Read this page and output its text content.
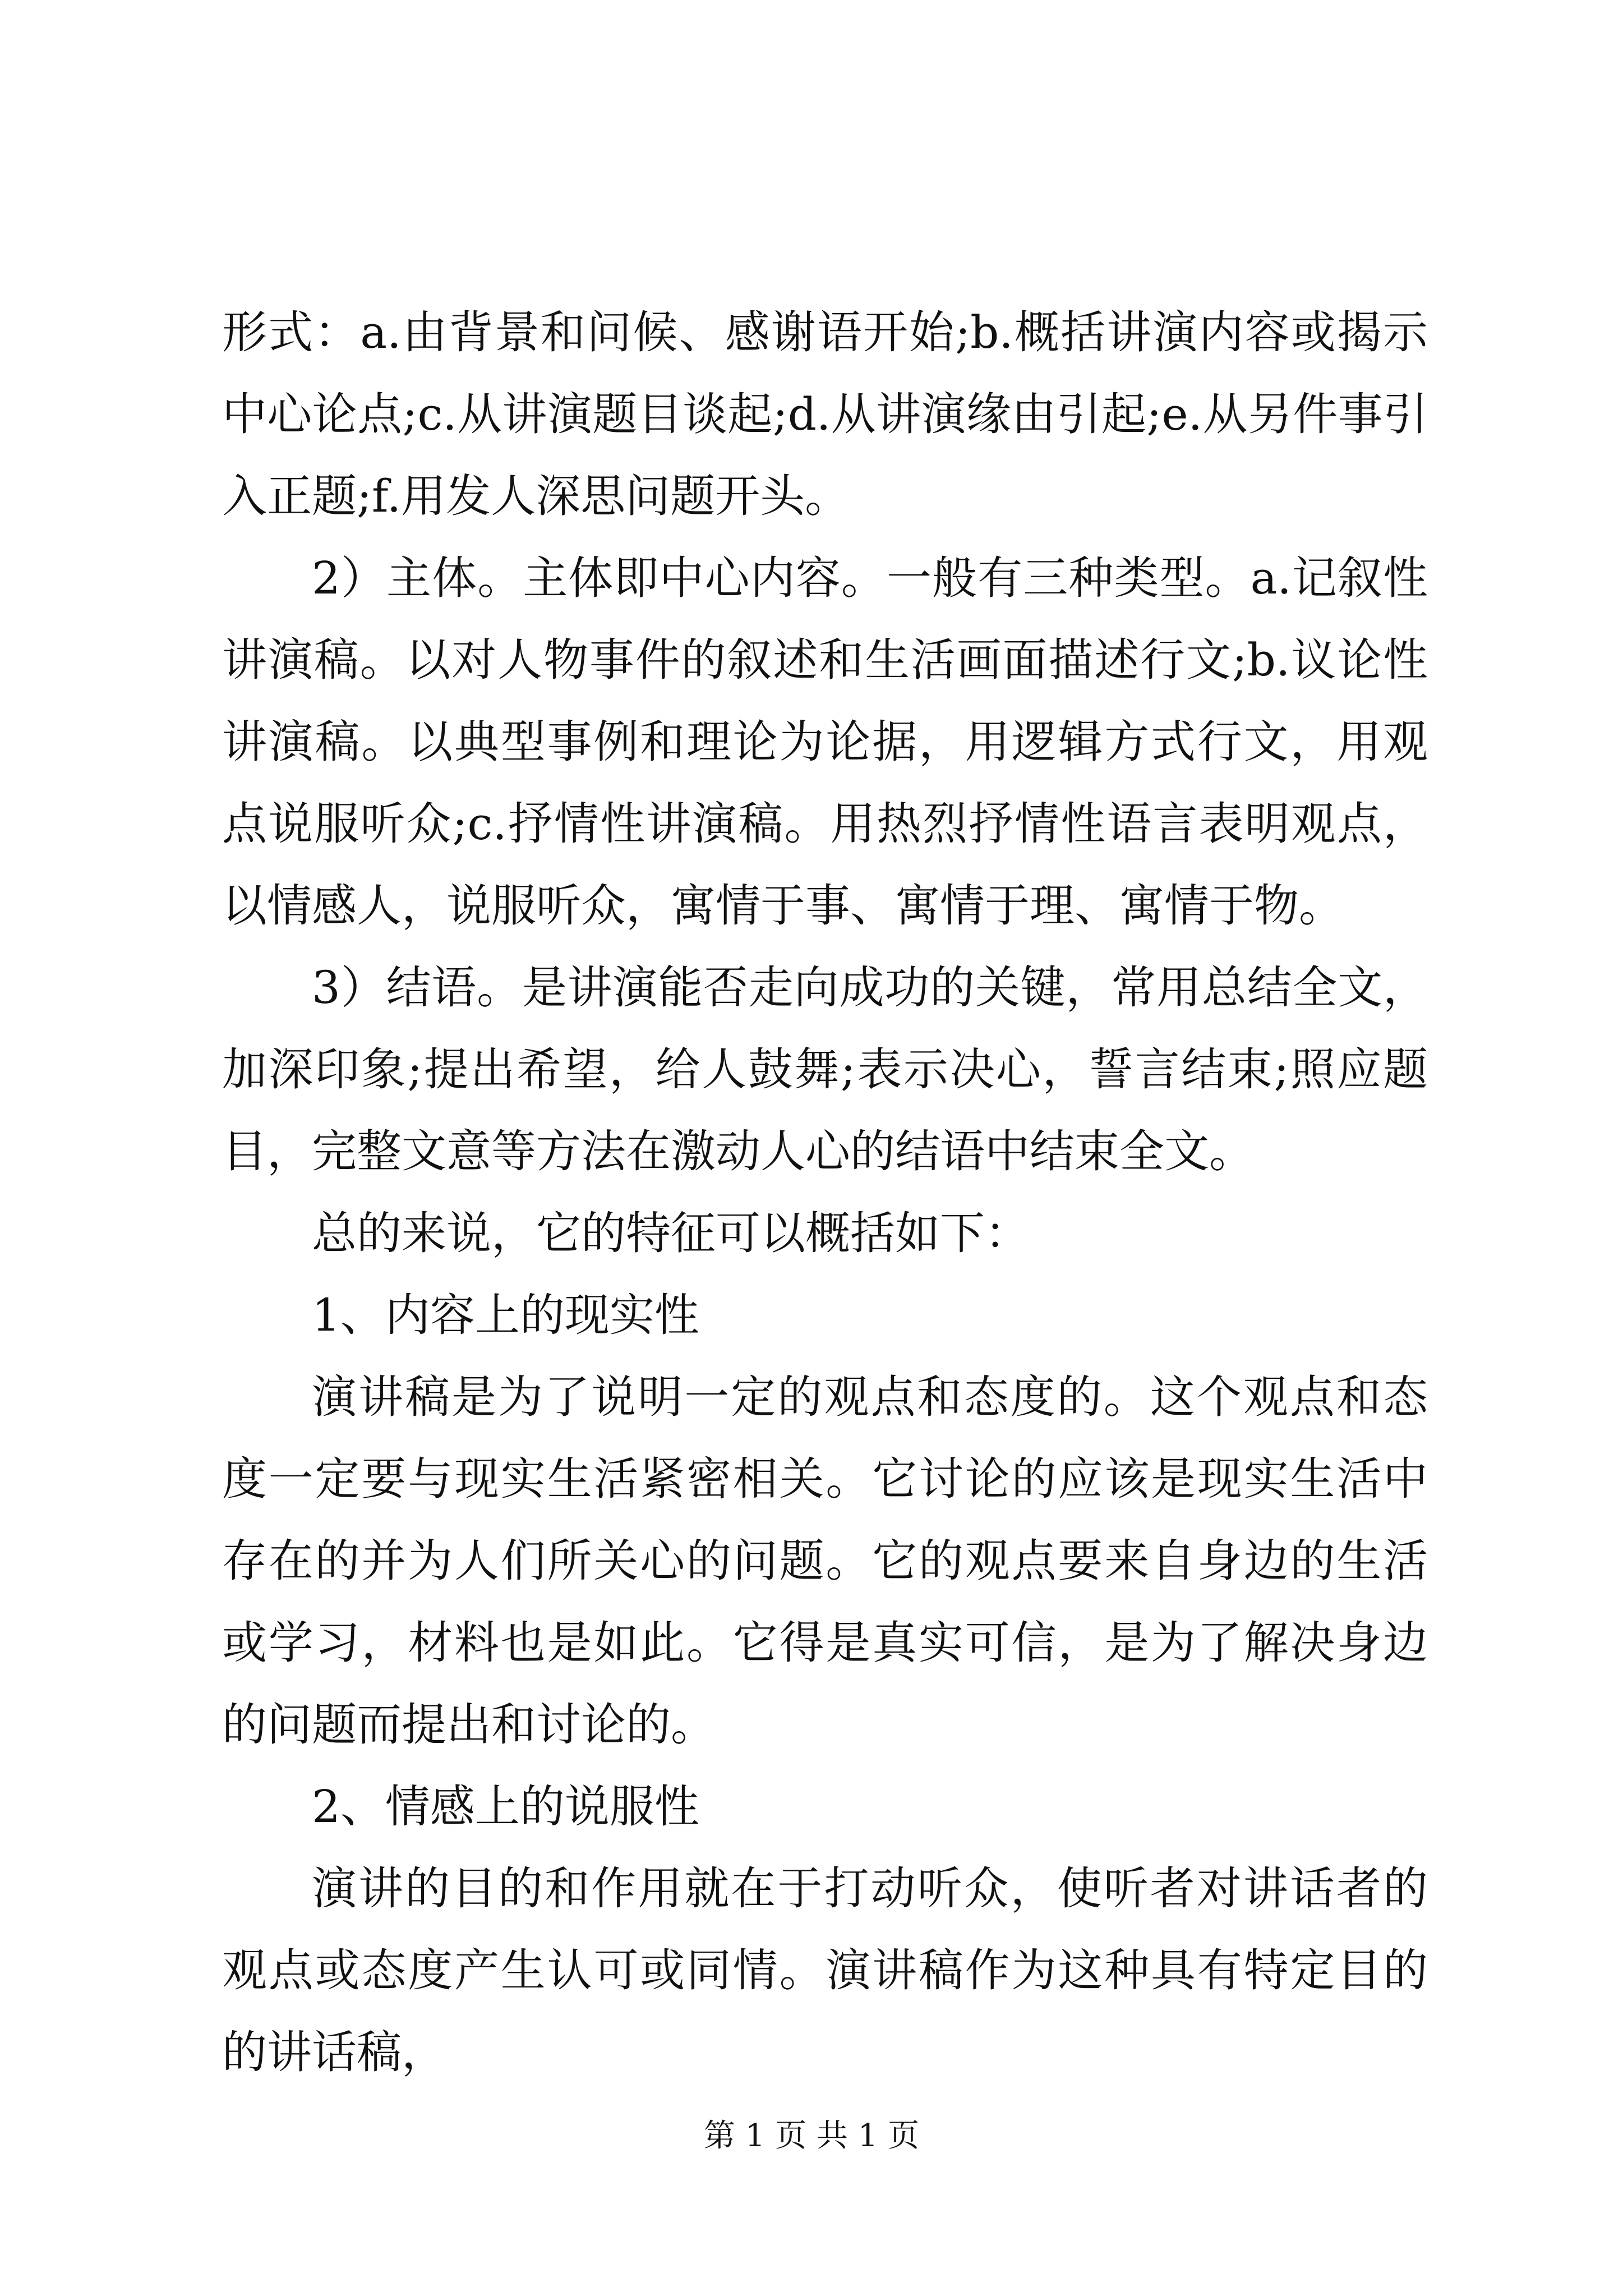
形式：a.由背景和问候、感谢语开始;b.概括讲演内容或揭示中心论点;c.从讲演题目谈起;d.从讲演缘由引起;e.从另件事引入正题;f.用发人深思问题开头。

2）主体。主体即中心内容。一般有三种类型。a.记叙性讲演稿。以对人物事件的叙述和生活画面描述行文;b.议论性讲演稿。以典型事例和理论为论据，用逻辑方式行文，用观点说服听众;c.抒情性讲演稿。用热烈抒情性语言表明观点，以情感人，说服听众，寓情于事、寓情于理、寓情于物。

3）结语。是讲演能否走向成功的关键，常用总结全文，加深印象;提出希望，给人鼓舞;表示决心，誓言结束;照应题目，完整文意等方法在激动人心的结语中结束全文。

总的来说，它的特征可以概括如下：

1、内容上的现实性

演讲稿是为了说明一定的观点和态度的。这个观点和态度一定要与现实生活紧密相关。它讨论的应该是现实生活中存在的并为人们所关心的问题。它的观点要来自身边的生活或学习，材料也是如此。它得是真实可信，是为了解决身边的问题而提出和讨论的。

2、情感上的说服性

演讲的目的和作用就在于打动听众，使听者对讲话者的观点或态度产生认可或同情。演讲稿作为这种具有特定目的的讲话稿，

第 1 页 共 1 页
